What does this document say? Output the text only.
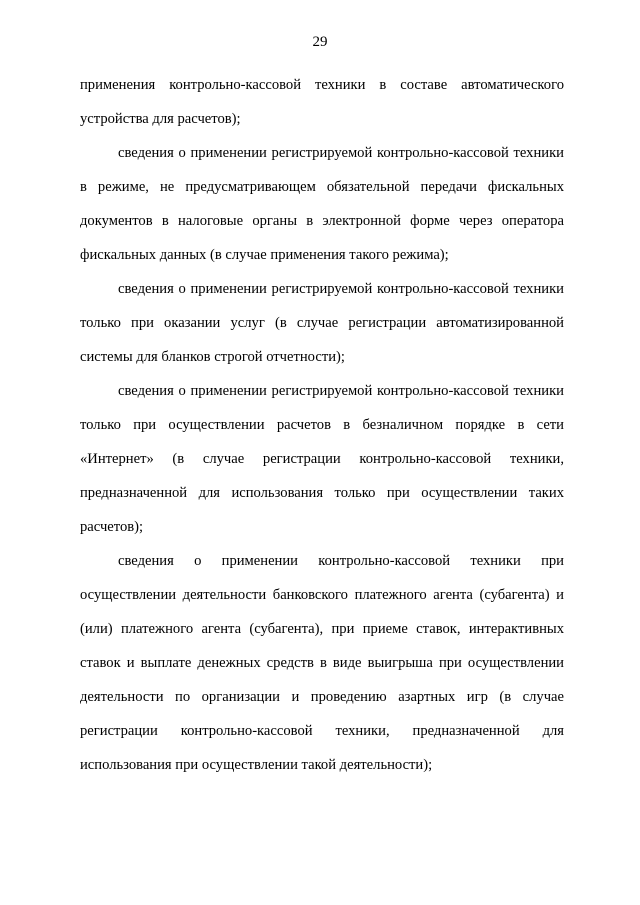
29

применения контрольно-кассовой техники в составе автоматического устройства для расчетов);

сведения о применении регистрируемой контрольно-кассовой техники в режиме, не предусматривающем обязательной передачи фискальных документов в налоговые органы в электронной форме через оператора фискальных данных (в случае применения такого режима);

сведения о применении регистрируемой контрольно-кассовой техники только при оказании услуг (в случае регистрации автоматизированной системы для бланков строгой отчетности);

сведения о применении регистрируемой контрольно-кассовой техники только при осуществлении расчетов в безналичном порядке в сети «Интернет» (в случае регистрации контрольно-кассовой техники, предназначенной для использования только при осуществлении таких расчетов);

сведения о применении контрольно-кассовой техники при осуществлении деятельности банковского платежного агента (субагента) и (или) платежного агента (субагента), при приеме ставок, интерактивных ставок и выплате денежных средств в виде выигрыша при осуществлении деятельности по организации и проведению азартных игр (в случае регистрации контрольно-кассовой техники, предназначенной для использования при осуществлении такой деятельности);
